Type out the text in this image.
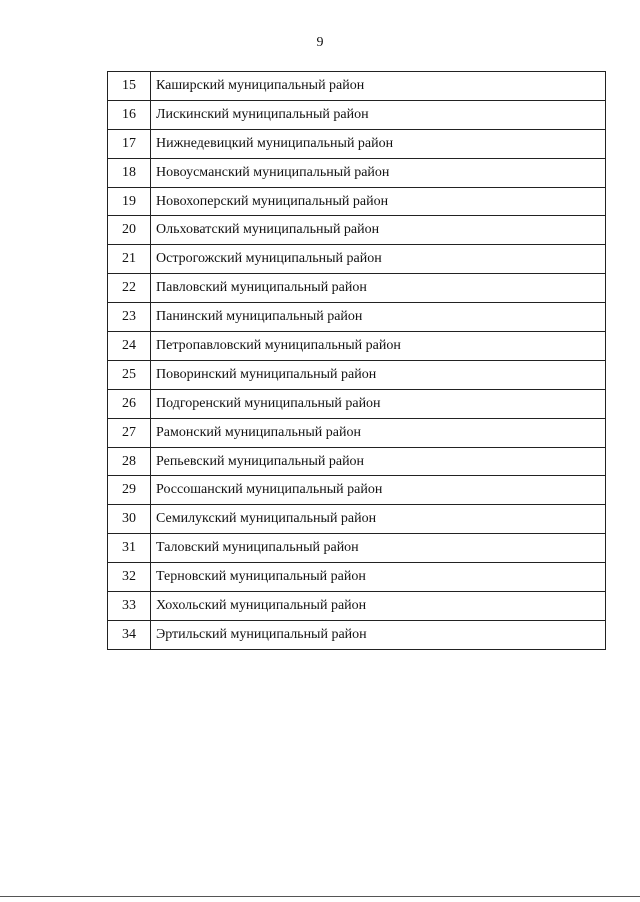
9
15	Каширский муниципальный район
16	Лискинский муниципальный район
17	Нижнедевицкий муниципальный район
18	Новоусманский муниципальный район
19	Новохоперский муниципальный район
20	Ольховатский муниципальный район
21	Острогожский муниципальный район
22	Павловский муниципальный район
23	Панинский муниципальный район
24	Петропавловский муниципальный район
25	Поворинский муниципальный район
26	Подгоренский муниципальный район
27	Рамонский муниципальный район
28	Репьевский муниципальный район
29	Россошанский муниципальный район
30	Семилукский муниципальный район
31	Таловский муниципальный район
32	Терновский муниципальный район
33	Хохольский муниципальный район
34	Эртильский муниципальный район
